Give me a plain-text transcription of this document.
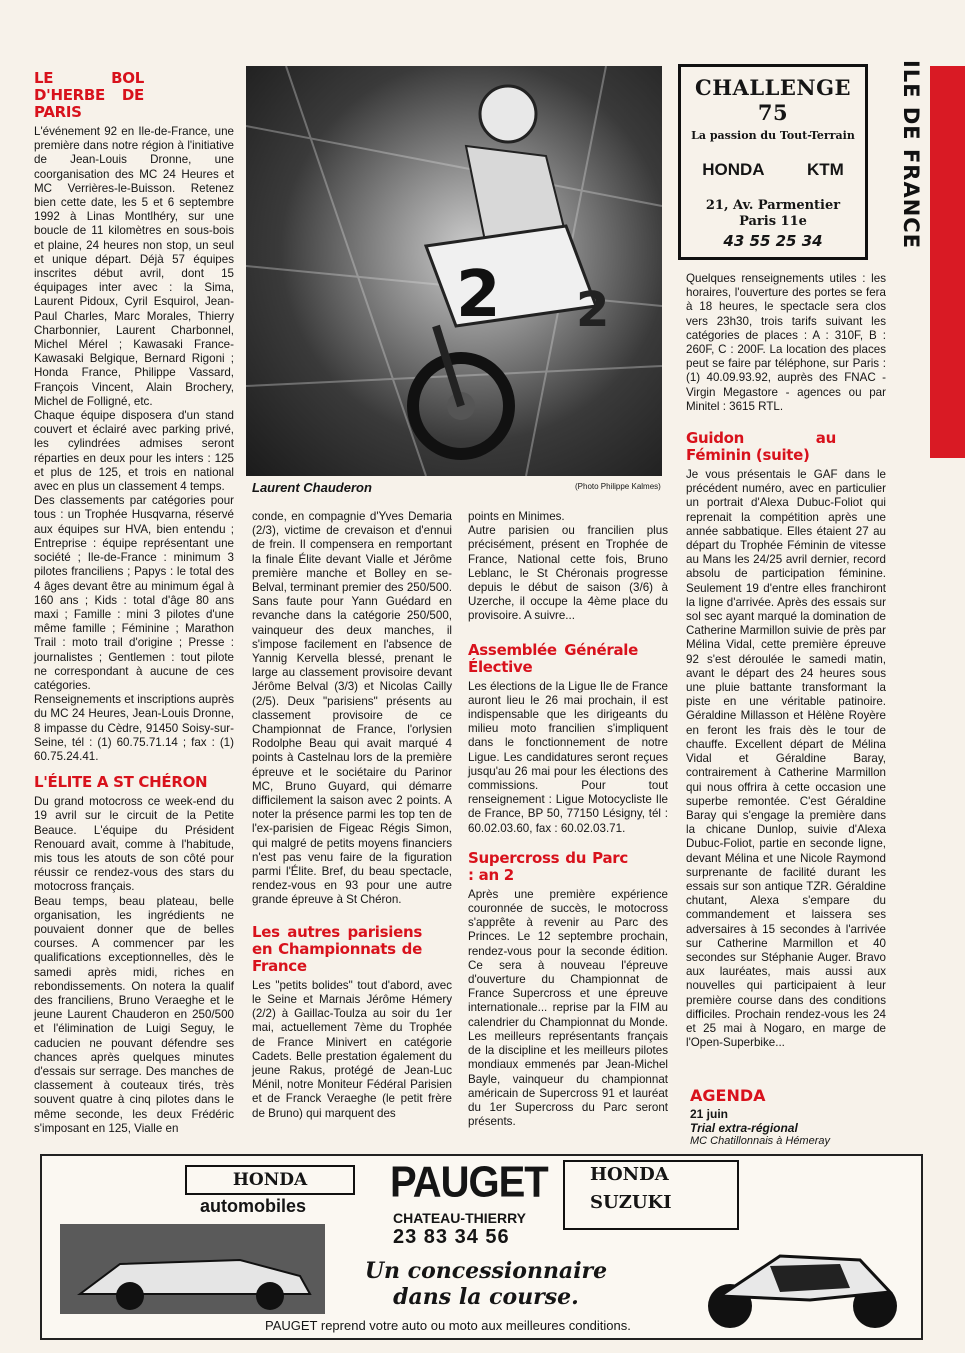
LE BOL D'HERBE DE PARIS

L'événement 92 en Ile-de-France, une première dans notre région à l'initiative de Jean-Louis Dronne, une coorganisation des MC 24 Heures et MC Verrières-le-Buisson. Retenez bien cette date, les 5 et 6 septembre 1992 à Linas Montlhéry, sur une boucle de 11 kilomètres en sous-bois et plaine, 24 heures non stop, un seul et unique départ. Déjà 57 équipes inscrites début avril, dont 15 équipages inter avec : la Sima, Laurent Pidoux, Cyril Esquirol, Jean-Paul Charles, Marc Morales, Thierry Charbonnier, Laurent Charbonnel, Michel Mérel ; Kawasaki France-Kawasaki Belgique, Bernard Rigoni ; Honda France, Philippe Vassard, François Vincent, Alain Brochery, Michel de Folligné, etc.

Chaque équipe disposera d'un stand couvert et éclairé avec parking privé, les cylindrées admises seront réparties en deux pour les inters : 125 et plus de 125, et trois en national avec en plus un classement 4 temps.

Des classements par catégories pour tous : un Trophée Husqvarna, réservé aux équipes sur HVA, bien entendu ; Entreprise : équipe représentant une société ; Ile-de-France : minimum 3 pilotes franciliens ; Papys : le total des 4 âges devant être au minimum égal à 160 ans ; Kids : total d'âge 80 ans maxi ; Famille : mini 3 pilotes d'une même famille ; Féminine ; Marathon Trail : moto trail d'origine ; Presse : journalistes ; Gentlemen : tout pilote ne correspondant à aucune de ces catégories.

Renseignements et inscriptions auprès du MC 24 Heures, Jean-Louis Dronne, 8 impasse du Cèdre, 91450 Soisy-sur-Seine, tél : (1) 60.75.71.14 ; fax : (1) 60.75.24.41.

L'ÉLITE A ST CHÉRON

Du grand motocross ce week-end du 19 avril sur le circuit de la Petite Beauce. L'équipe du Président Renouard avait, comme à l'habitude, mis tous les atouts de son côté pour réussir ce rendez-vous des stars du motocross français.

Beau temps, beau plateau, belle organisation, les ingrédients ne pouvaient donner que de belles courses. A commencer par les qualifications exceptionnelles, dès le samedi après midi, riches en rebondissements. On notera la qualif des franciliens, Bruno Veraeghe et le jeune Laurent Chauderon en 250/500 et l'élimination de Luigi Seguy, le caducien ne pouvant défendre ses chances après quelques minutes d'essais sur serrage. Des manches de classement à couteaux tirés, très souvent quatre à cinq pilotes dans le même seconde, les deux Frédéric s'imposant en 125, Vialle en

2 2
Laurent Chauderon	(Photo Philippe Kalmes)

conde, en compagnie d'Yves Demaria (2/3), victime de crevaison et d'ennui de frein. Il compensera en remportant la finale Élite devant Vialle et Jérôme première manche et Bolley en se- Belval, terminant premier des 250/500. Sans faute pour Yann Guédard en revanche dans la catégorie 250/500, vainqueur des deux manches, il s'impose facilement en l'absence de Yannig Kervella blessé, prenant le large au classement provisoire devant Jérôme Belval (3/3) et Nicolas Cailly (2/5). Deux "parisiens" présents au classement provisoire de ce Championnat de France, l'orlysien Rodolphe Beau qui avait marqué 4 points à Castelnau lors de la première épreuve et le sociétaire du Parinor MC, Bruno Guyard, qui démarre difficilement la saison avec 2 points. A noter la présence parmi les top ten de l'ex-parisien de Figeac Régis Simon, qui malgré de petits moyens financiers n'est pas venu faire de la figuration parmi l'Élite. Bref, du beau spectacle, rendez-vous en 93 pour une autre grande épreuve à St Chéron.

Les autres parisiens en Championnats de France

Les "petits bolides" tout d'abord, avec le Seine et Marnais Jérôme Hémery (2/2) à Gaillac-Toulza au soir du 1er mai, actuellement 7ème du Trophée de France Minivert en catégorie Cadets. Belle prestation également du jeune Rakus, protégé de Jean-Luc Ménil, notre Moniteur Fédéral Parisien et de Franck Veraeghe (le petit frère de Bruno) qui marquent des

points en Minimes.

Autre parisien ou francilien plus précisément, présent en Trophée de France, National cette fois, Bruno Leblanc, le St Chéronais progresse depuis le début de saison (3/6) à Uzerche, il occupe la 4ème place du provisoire. A suivre...

Assemblée Générale Élective

Les élections de la Ligue Ile de France auront lieu le 26 mai prochain, il est indispensable que les dirigeants du milieu moto francilien s'impliquent dans le fonctionnement de notre Ligue. Les candidatures seront reçues jusqu'au 26 mai pour les élections des commissions. Pour tout renseignement : Ligue Motocycliste Ile de France, BP 50, 77150 Lésigny, tél : 60.02.03.60, fax : 60.02.03.71.

Supercross du Parc : an 2

Après une première expérience couronnée de succès, le motocross s'apprête à revenir au Parc des Princes. Le 12 septembre prochain, rendez-vous pour la seconde édition. Ce sera à nouveau l'épreuve d'ouverture du Championnat de France Supercross et une épreuve internationale... reprise par la FIM au calendrier du Championnat du Monde. Les meilleurs représentants français de la discipline et les meilleurs pilotes mondiaux emmenés par Jean-Michel Bayle, vainqueur du championnat américain de Supercross 91 et lauréat du 1er Supercross du Parc seront présents.

CHALLENGE 75
La passion du Tout-Terrain
HONDA KTM
21, Av. Parmentier
Paris 11e
43 55 25 34	ILE DE FRANCE

Quelques renseignements utiles : les horaires, l'ouverture des portes se fera à 18 heures, le spectacle sera clos vers 23h30, trois tarifs suivant les catégories de places : A : 310F, B : 260F, C : 200F. La location des places peut se faire par téléphone, sur Paris : (1) 40.09.93.92, auprès des FNAC - Virgin Megastore - agences ou par Minitel : 3615 RTL.

Guidon au Féminin (suite)

Je vous présentais le GAF dans le précédent numéro, avec en particulier un portrait d'Alexa Dubuc-Foliot qui reprenait la compétition après une année sabbatique. Elles étaient 27 au départ du Trophée Féminin de vitesse au Mans les 24/25 avril dernier, record absolu de participation féminine. Seulement 19 d'entre elles franchiront la ligne d'arrivée. Après des essais sur sol sec ayant marqué la domination de Catherine Marmillon suivie de près par Mélina Vidal, cette première épreuve 92 s'est déroulée le samedi matin, avant le départ des 24 heures sous une pluie battante transformant la piste en une véritable patinoire. Géraldine Millasson et Hélène Royère en feront les frais dès le tour de chauffe. Excellent départ de Mélina Vidal et Géraldine Baray, contrairement à Catherine Marmillon qui nous offrira à cette occasion une superbe remontée. C'est Géraldine Baray qui s'engage la première dans la chicane Dunlop, suivie d'Alexa Dubuc-Foliot, partie en seconde ligne, devant Mélina et une Nicole Raymond surprenante de facilité durant les essais sur son antique TZR. Géraldine chutant, Alexa s'empare du commandement et laissera ses adversaires à 15 secondes à l'arrivée sur Catherine Marmillon et 40 secondes sur Stéphanie Auger. Bravo aux lauréates, mais aussi aux nouvelles qui participaient à leur première course dans des conditions difficiles. Prochain rendez-vous les 24 et 25 mai à Nogaro, en marge de l'Open-Superbike...

AGENDA
21 juin
Trial extra-régional
MC Chatillonnais à Hémeray
HONDA
automobiles PAUGET
CHATEAU-THIERRY
23 83 34 56
HONDA
SUZUKI
Un concessionnaire
dans la course.
PAUGET reprend votre auto ou moto aux meilleures conditions.
